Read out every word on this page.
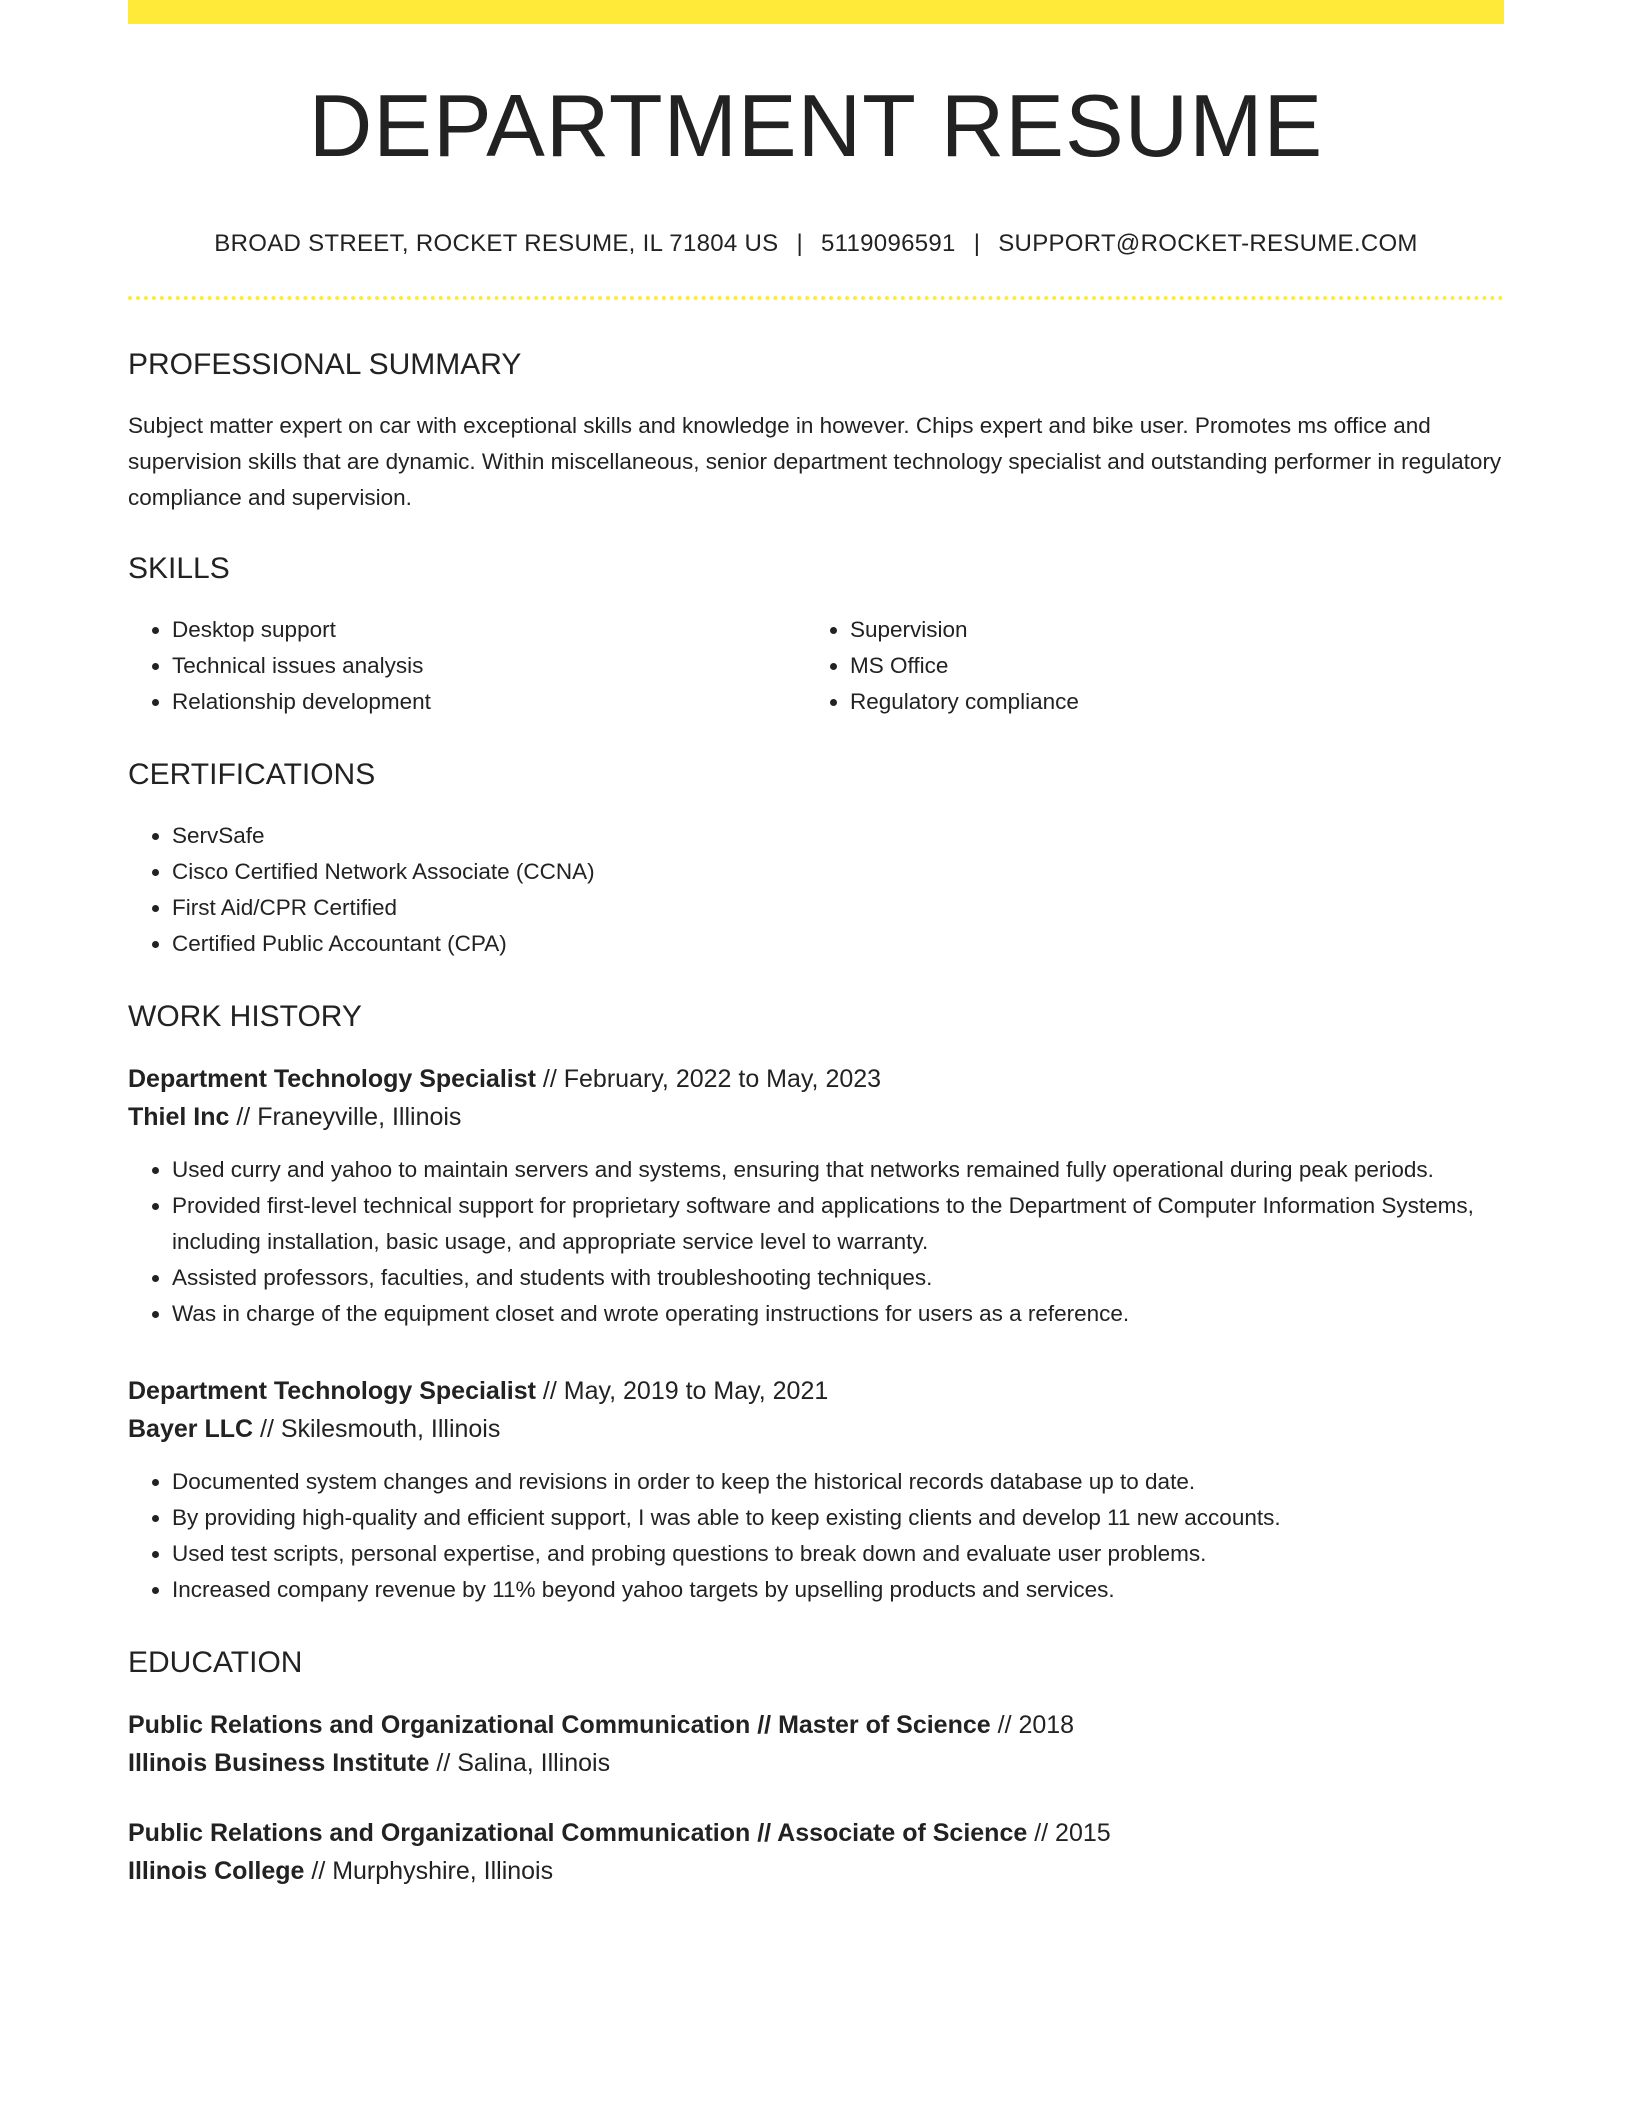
DEPARTMENT RESUME
BROAD STREET, ROCKET RESUME, IL 71804 US | 5119096591 | SUPPORT@ROCKET-RESUME.COM
PROFESSIONAL SUMMARY

Subject matter expert on car with exceptional skills and knowledge in however. Chips expert and bike user. Promotes ms office and supervision skills that are dynamic. Within miscellaneous, senior department technology specialist and outstanding performer in regulatory compliance and supervision.

SKILLS
• Desktop support
• Technical issues analysis
• Relationship development
• Supervision
• MS Office
• Regulatory compliance
CERTIFICATIONS
• ServSafe
• Cisco Certified Network Associate (CCNA)
• First Aid/CPR Certified
• Certified Public Accountant (CPA)
WORK HISTORY
Department Technology Specialist // February, 2022 to May, 2023
Thiel Inc // Franeyville, Illinois
• Used curry and yahoo to maintain servers and systems, ensuring that networks remained fully operational during peak periods.
• Provided first-level technical support for proprietary software and applications to the Department of Computer Information Systems, including installation, basic usage, and appropriate service level to warranty.
• Assisted professors, faculties, and students with troubleshooting techniques.
• Was in charge of the equipment closet and wrote operating instructions for users as a reference.
Department Technology Specialist // May, 2019 to May, 2021
Bayer LLC // Skilesmouth, Illinois
• Documented system changes and revisions in order to keep the historical records database up to date.
• By providing high-quality and efficient support, I was able to keep existing clients and develop 11 new accounts.
• Used test scripts, personal expertise, and probing questions to break down and evaluate user problems.
• Increased company revenue by 11% beyond yahoo targets by upselling products and services.
EDUCATION
Public Relations and Organizational Communication // Master of Science // 2018
Illinois Business Institute // Salina, Illinois
Public Relations and Organizational Communication // Associate of Science // 2015
Illinois College // Murphyshire, Illinois
